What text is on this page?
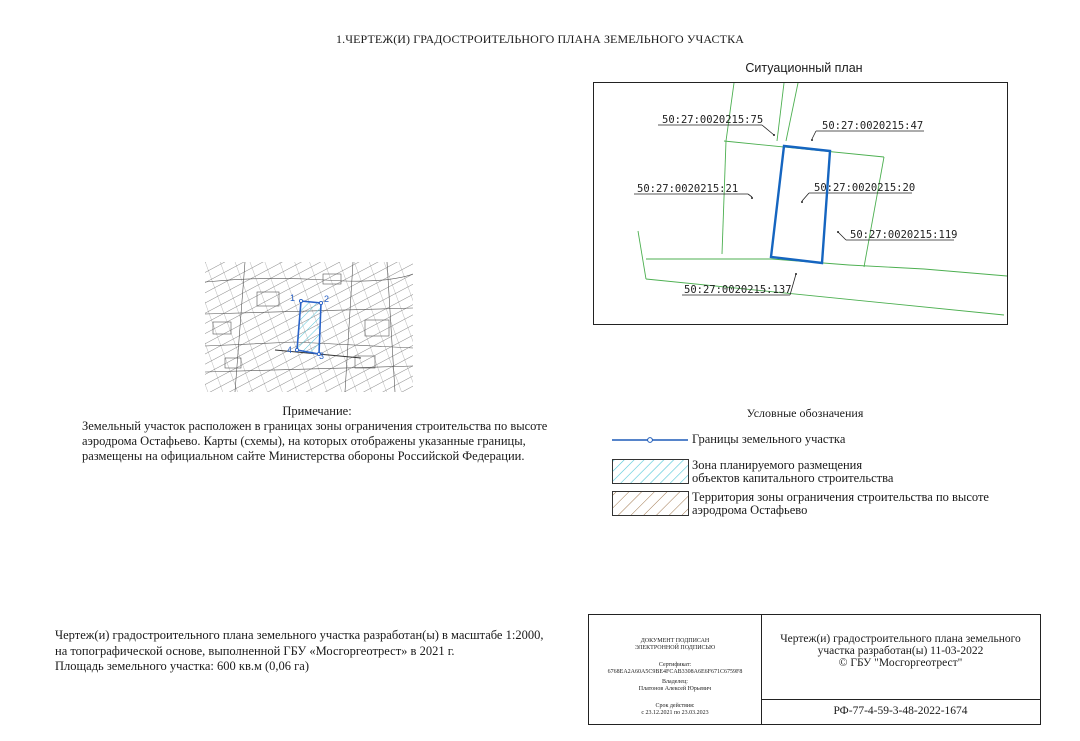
1.ЧЕРТЕЖ(И) ГРАДОСТРОИТЕЛЬНОГО ПЛАНА ЗЕМЕЛЬНОГО УЧАСТКА
Ситуационный план
50:27:0020215:75	50:27:0020215:47
50:27:0020215:21	50:27:0020215:20
50:27:0020215:119
50:27:0020215:137
1	2
3
4
Примечание:
Земельный участок расположен в границах зоны ограничения строительства по высоте
аэродрома Остафьево. Карты (схемы), на которых отображены указанные границы,
размещены на официальном сайте Министерства обороны Российской Федерации.
Условные обозначения
Границы земельного участка
Зона планируемого размещения
объектов капитального строительства
Территория зоны ограничения строительства по высоте
аэродрома Остафьево
Чертеж(и) градостроительного плана земельного участка разработан(ы) в масштабе 1:2000,
на топографической основе, выполненной ГБУ «Мосгоргеотрест» в 2021 г.
Площадь земельного участка: 600 кв.м (0,06 га)
ДОКУМЕНТ ПОДПИСАН
ЭЛЕКТРОННОЙ ПОДПИСЬЮ
Сертификат:
6768EA2A60A5C9BE4FCAB3308A6E6F671C6759F8
Владелец:
Платонов Алексей Юрьевич
Срок действия:
с 23.12.2021 по 23.03.2023
Чертеж(и) градостроительного плана земельного
участка разработан(ы) 11-03-2022
© ГБУ "Мосгоргеотрест"
РФ-77-4-59-3-48-2022-1674
